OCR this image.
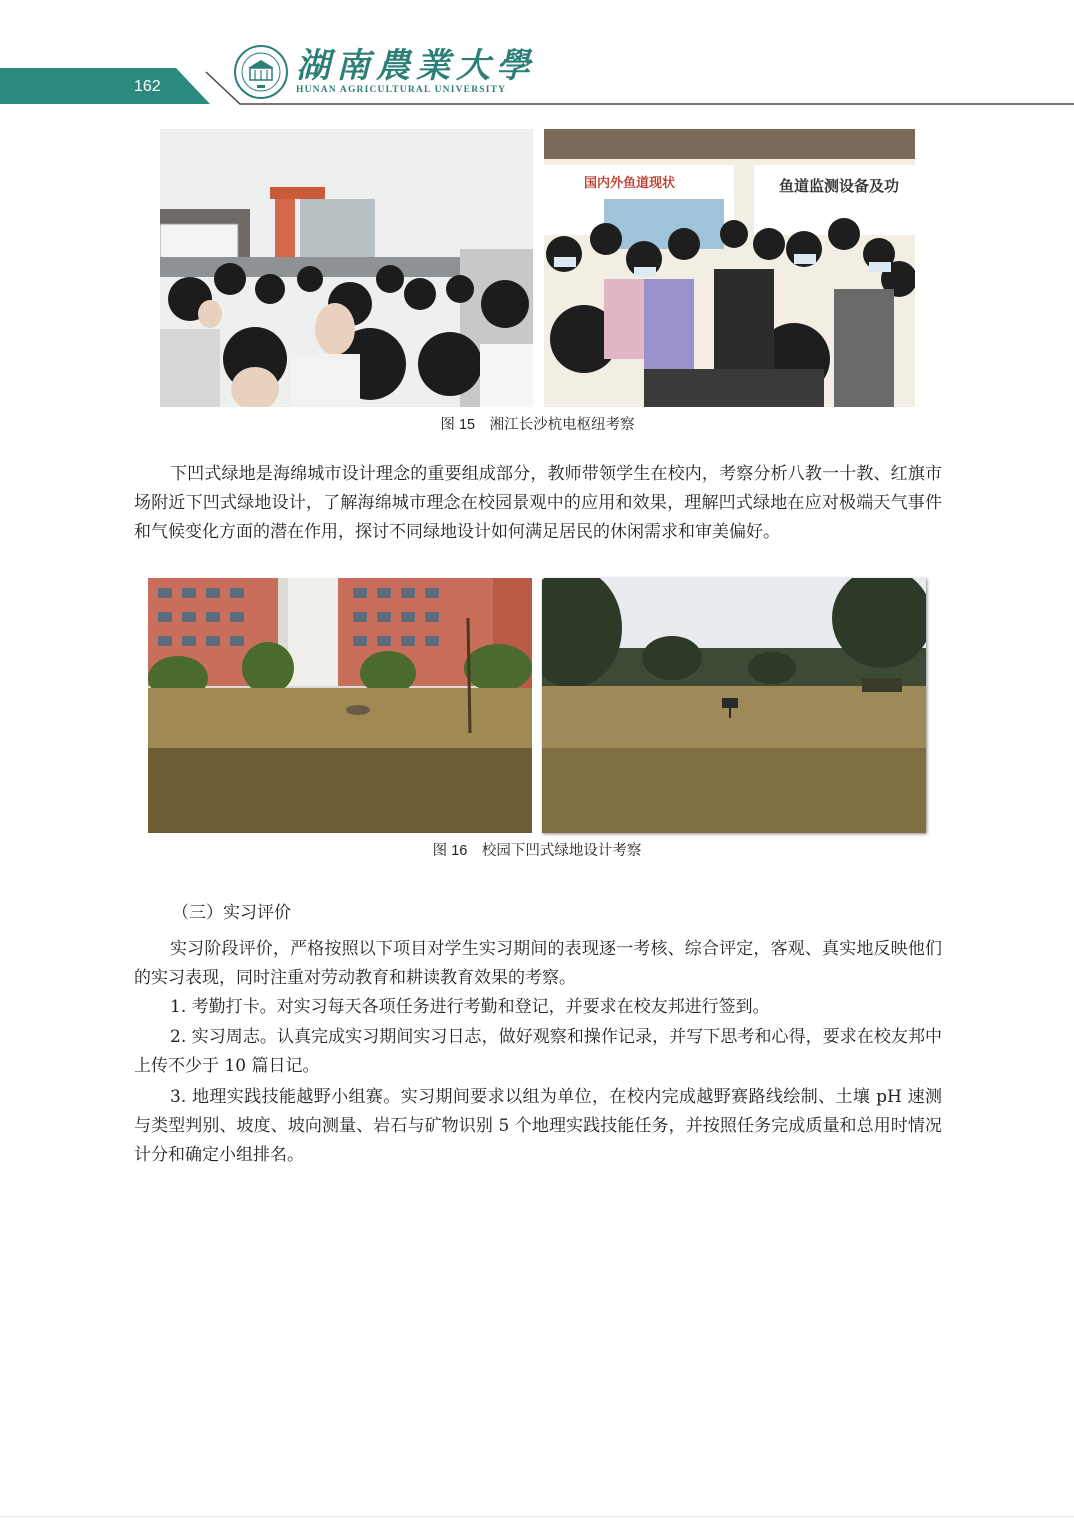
162
湖南農業大學
HUNAN AGRICULTURAL UNIVERSITY
国内外鱼道现状	鱼道监测设备及功
图 15　湘江长沙杭电枢纽考察

下凹式绿地是海绵城市设计理念的重要组成部分，教师带领学生在校内，考察分析八教一十教、红旗市场附近下凹式绿地设计，了解海绵城市理念在校园景观中的应用和效果，理解凹式绿地在应对极端天气事件和气候变化方面的潜在作用，探讨不同绿地设计如何满足居民的休闲需求和审美偏好。

图 16　校园下凹式绿地设计考察
（三）实习评价

实习阶段评价，严格按照以下项目对学生实习期间的表现逐一考核、综合评定，客观、真实地反映他们的实习表现，同时注重对劳动教育和耕读教育效果的考察。

1. 考勤打卡。对实习每天各项任务进行考勤和登记，并要求在校友邦进行签到。

2. 实习周志。认真完成实习期间实习日志，做好观察和操作记录，并写下思考和心得，要求在校友邦中上传不少于 10 篇日记。

3. 地理实践技能越野小组赛。实习期间要求以组为单位，在校内完成越野赛路线绘制、土壤 pH 速测与类型判别、坡度、坡向测量、岩石与矿物识别 5 个地理实践技能任务，并按照任务完成质量和总用时情况计分和确定小组排名。
